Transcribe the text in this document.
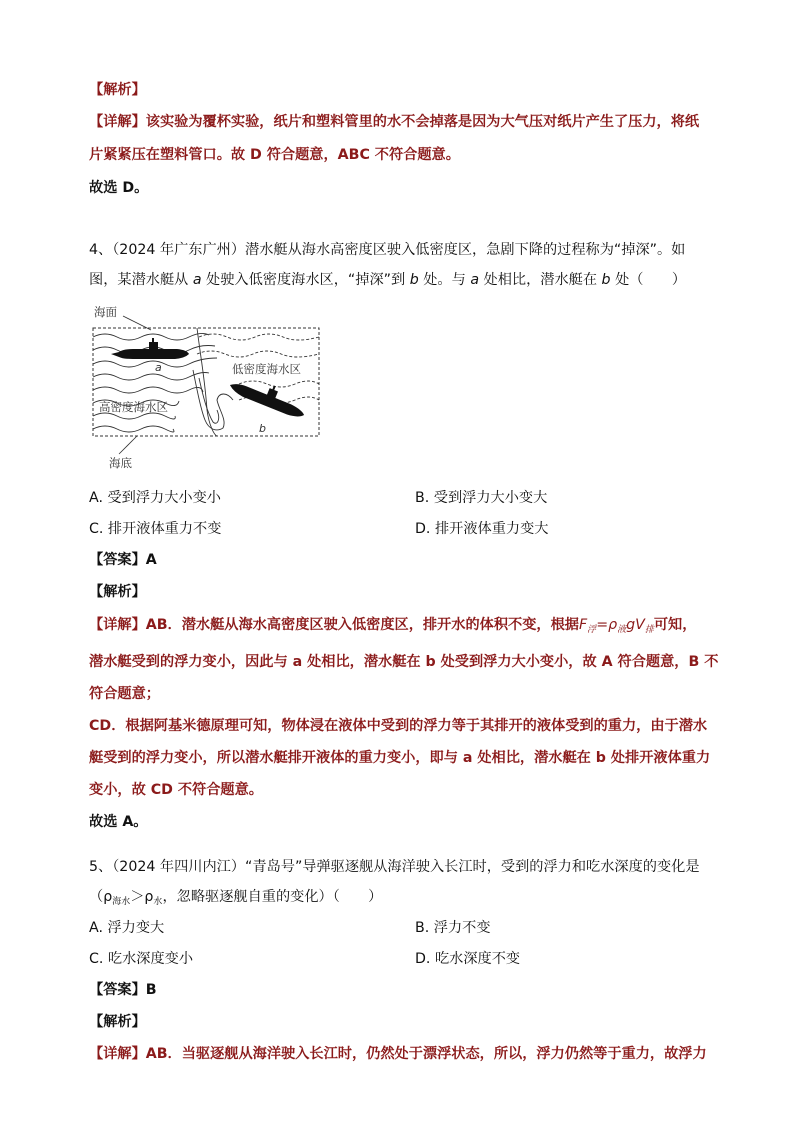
【解析】
【详解】该实验为覆杯实验，纸片和塑料管里的水不会掉落是因为大气压对纸片产生了压力，将纸
片紧紧压在塑料管口。故 D 符合题意，ABC 不符合题意。
故选 D。
4、（2024 年广东广州）潜水艇从海水高密度区驶入低密度区，急剧下降的过程称为“掉深”。如
图，某潜水艇从 a 处驶入低密度海水区，“掉深”到 b 处。与 a 处相比，潜水艇在 b 处（　　）
海面
低密度海水区
高密度海水区
海底
a
b
A. 受到浮力大小变小	B. 受到浮力大小变大
C. 排开液体重力不变	D. 排开液体重力变大
【答案】A
【解析】
【详解】AB．潜水艇从海水高密度区驶入低密度区，排开水的体积不变，根据$F_浮=\rho_液gV_排$可知，
潜水艇受到的浮力变小，因此与 a 处相比，潜水艇在 b 处受到浮力大小变小，故 A 符合题意，B 不
符合题意；
CD．根据阿基米德原理可知，物体浸在液体中受到的浮力等于其排开的液体受到的重力，由于潜水
艇受到的浮力变小，所以潜水艇排开液体的重力变小，即与 a 处相比，潜水艇在 b 处排开液体重力
变小，故 CD 不符合题意。
故选 A。
5、（2024 年四川内江）“青岛号”导弹驱逐舰从海洋驶入长江时，受到的浮力和吃水深度的变化是
（$\rho_{海水}>\rho_水$，忽略驱逐舰自重的变化）（　　）
A. 浮力变大	B. 浮力不变
C. 吃水深度变小	D. 吃水深度不变
【答案】B
【解析】
【详解】AB．当驱逐舰从海洋驶入长江时，仍然处于漂浮状态，所以，浮力仍然等于重力，故浮力
